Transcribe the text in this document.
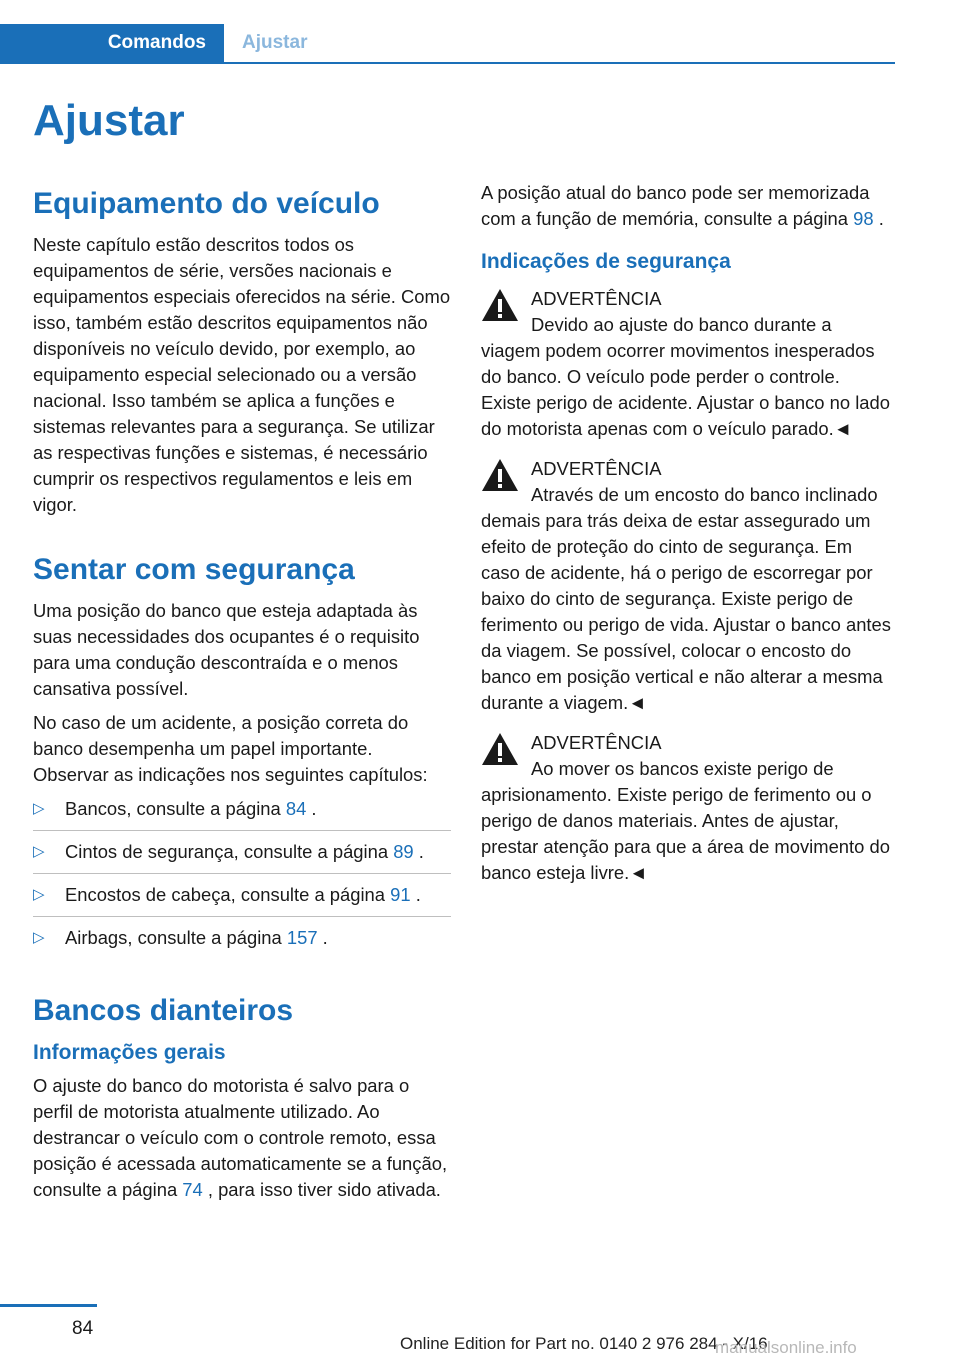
Comandos	Ajustar
Ajustar
Equipamento do veículo

Neste capítulo estão descritos todos os equipamentos de série, versões nacionais e equipamentos especiais oferecidos na série. Como isso, também estão descritos equipamentos não disponíveis no veículo devido, por exemplo, ao equipamento especial selecionado ou a versão nacional. Isso também se aplica a funções e sistemas relevantes para a segurança. Se utilizar as respectivas funções e sistemas, é necessário cumprir os respectivos regulamentos e leis em vigor.

Sentar com segurança

Uma posição do banco que esteja adaptada às suas necessidades dos ocupantes é o requisito para uma condução descontraída e o menos cansativa possível.

No caso de um acidente, a posição correta do banco desempenha um papel importante. Observar as indicações nos seguintes capítulos:

▷ Bancos, consulte a página 84 .
▷ Cintos de segurança, consulte a página 89 .
▷ Encostos de cabeça, consulte a página 91 .
▷ Airbags, consulte a página 157 .
Bancos dianteiros
Informações gerais

O ajuste do banco do motorista é salvo para o perfil de motorista atualmente utilizado. Ao destrancar o veículo com o controle remoto, essa posição é acessada automaticamente se a função, consulte a página 74 , para isso tiver sido ativada.

A posição atual do banco pode ser memorizada com a função de memória, consulte a página 98 .

Indicações de segurança
ADVERTÊNCIA
Devido ao ajuste do banco durante a viagem podem ocorrer movimentos inesperados do banco. O veículo pode perder o controle. Existe perigo de acidente. Ajustar o banco no lado do motorista apenas com o veículo parado.◄
ADVERTÊNCIA
Através de um encosto do banco inclinado demais para trás deixa de estar assegurado um efeito de proteção do cinto de segurança. Em caso de acidente, há o perigo de escorregar por baixo do cinto de segurança. Existe perigo de ferimento ou perigo de vida. Ajustar o banco antes da viagem. Se possível, colocar o encosto do banco em posição vertical e não alterar a mesma durante a viagem.◄
ADVERTÊNCIA
Ao mover os bancos existe perigo de aprisionamento. Existe perigo de ferimento ou o perigo de danos materiais. Antes de ajustar, prestar atenção para que a área de movimento do banco esteja livre.◄
84
Online Edition for Part no. 0140 2 976 284 - X/16
manualsonline.info
